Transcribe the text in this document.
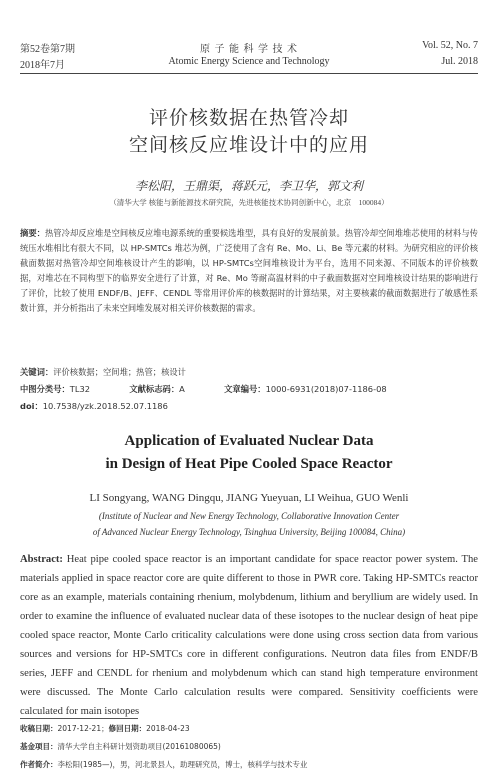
第52卷第7期
2018年7月
原 子 能 科 学 技 术
Atomic Energy Science and Technology
Vol. 52, No. 7
Jul. 2018
评价核数据在热管冷却
空间核反应堆设计中的应用
李松阳，王鼎渠，蒋跃元，李卫华，郭文利
（清华大学 核能与新能源技术研究院，先进核能技术协同创新中心，北京　100084）
摘要：热管冷却反应堆是空间核反应堆电源系统的重要候选堆型，具有良好的发展前景。热管冷却空间堆堆芯使用的材料与传统压水堆相比有很大不同，以 HP-SMTCs 堆芯为例，广泛使用了含有 Re、Mo、Li、Be 等元素的材料。为研究相应的评价核截面数据对热管冷却空间堆核设计产生的影响，以 HP-SMTCs空间堆核设计为平台，选用不同来源、不同版本的评价核数据，对堆芯在不同构型下的临界安全进行了计算，对 Re、Mo 等耐高温材料的中子截面数据对空间堆核设计结果的影响进行了评价，比较了使用 ENDF/B、JEFF、CENDL 等常用评价库的核数据时的计算结果，对主要核素的截面数据进行了敏感性系数计算，并分析指出了未来空间堆发展对相关评价核数据的需求。
关键词：评价核数据；空间堆；热管；核设计
中图分类号：TL32	文献标志码：A	文章编号：1000-6931(2018)07-1186-08
doi：10.7538/yzk.2018.52.07.1186
Application of Evaluated Nuclear Data
in Design of Heat Pipe Cooled Space Reactor
LI Songyang, WANG Dingqu, JIANG Yueyuan, LI Weihua, GUO Wenli
(Institute of Nuclear and New Energy Technology, Collaborative Innovation Center
of Advanced Nuclear Energy Technology, Tsinghua University, Beijing 100084, China)
Abstract: Heat pipe cooled space reactor is an important candidate for space reactor power system. The materials applied in space reactor core are quite different to those in PWR core. Taking HP-SMTCs reactor core as an example, materials containing rhenium, molybdenum, lithium and beryllium are widely used. In order to examine the influence of evaluated nuclear data of these isotopes to the nuclear design of heat pipe cooled space reactor, Monte Carlo criticality calculations were done using cross section data from various sources and versions for HP-SMTCs core in different configurations. Neutron data files from ENDF/B series, JEFF and CENDL for rhenium and molybdenum which can stand high temperature environment were discussed. The Monte Carlo calculation results were compared. Sensitivity coefficients were calculated for main isotopes
收稿日期：2017-12-21；修回日期：2018-04-23
基金项目：清华大学自主科研计划资助项目(20161080065)
作者简介：李松阳(1985—)，男，河北景县人，助理研究员，博士，核科学与技术专业
